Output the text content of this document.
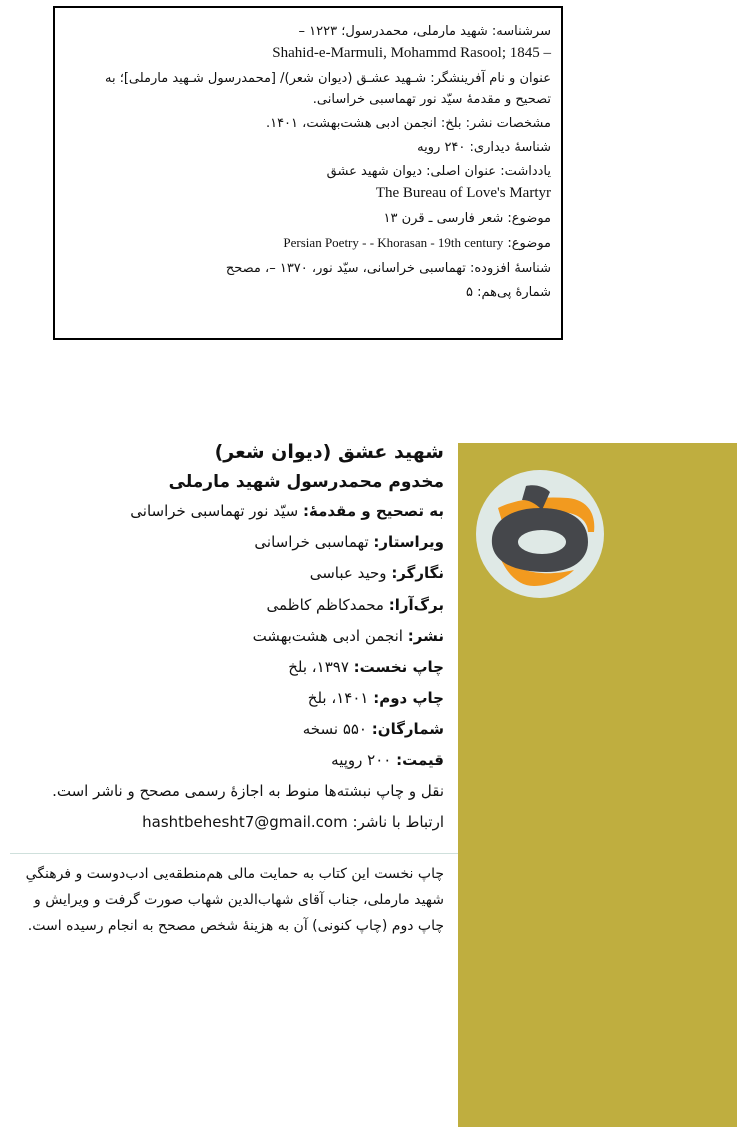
سرشناسه: شهید مارملی، محمدرسول؛ ۱۲۲۳ –
Shahid-e-Marmuli, Mohammd Rasool; 1845 –
عنوان و نام آفرینشگر: شـهید عشـق (دیوان شعر)/ [محمدرسول شـهید مارملی]؛ به تصحیح و مقدمهٔ سیّد نور تهماسبی خراسانی.
مشخصات نشر: بلخ: انجمن ادبی هشت‌بهشت، ۱۴۰۱.
شناسهٔ دیداری: ۲۴۰ رویه
یادداشت: عنوان اصلی: دیوان شهید عشق
The Bureau of Love's Martyr
موضوع: شعر فارسی ـ قرن ۱۳
موضوع: Persian Poetry - - Khorasan - 19th century
شناسهٔ افزوده: تهماسبی خراسانی، سیّد نور، ۱۳۷۰ –، مصحح
شمارهٔ پی‌هم: ۵
شهید عشق (دیوان شعر)
مخدوم محمدرسول شهید مارملی
به تصحیح و مقدمهٔ: سیّد نور تهماسبی خراسانی
ویراستار: تهماسبی خراسانی
نگارگر: وحید عباسی
برگ‌آرا: محمدکاظم کاظمی
نشر: انجمن ادبی هشت‌بهشت
چاپ نخست: ۱۳۹۷، بلخ
چاپ دوم: ۱۴۰۱، بلخ
شمارگان: ۵۵۰ نسخه
قیمت: ۲۰۰ روپیه
نقل و چاپ نبشته‌ها منوط به اجازهٔ رسمی مصحح و ناشر است.
ارتباط با ناشر: hashtbehesht7@gmail.com
چاپ نخست این کتاب به حمایت مالی هم‌منطقه‌یی ادب‌دوست و فرهنگیِ شهید مارملی، جناب آقای شهاب‌الدین شهاب صورت گرفت و ویرایش و چاپ دوم (چاپ کنونی) آن به هزینهٔ شخص مصحح به انجام رسیده است.
